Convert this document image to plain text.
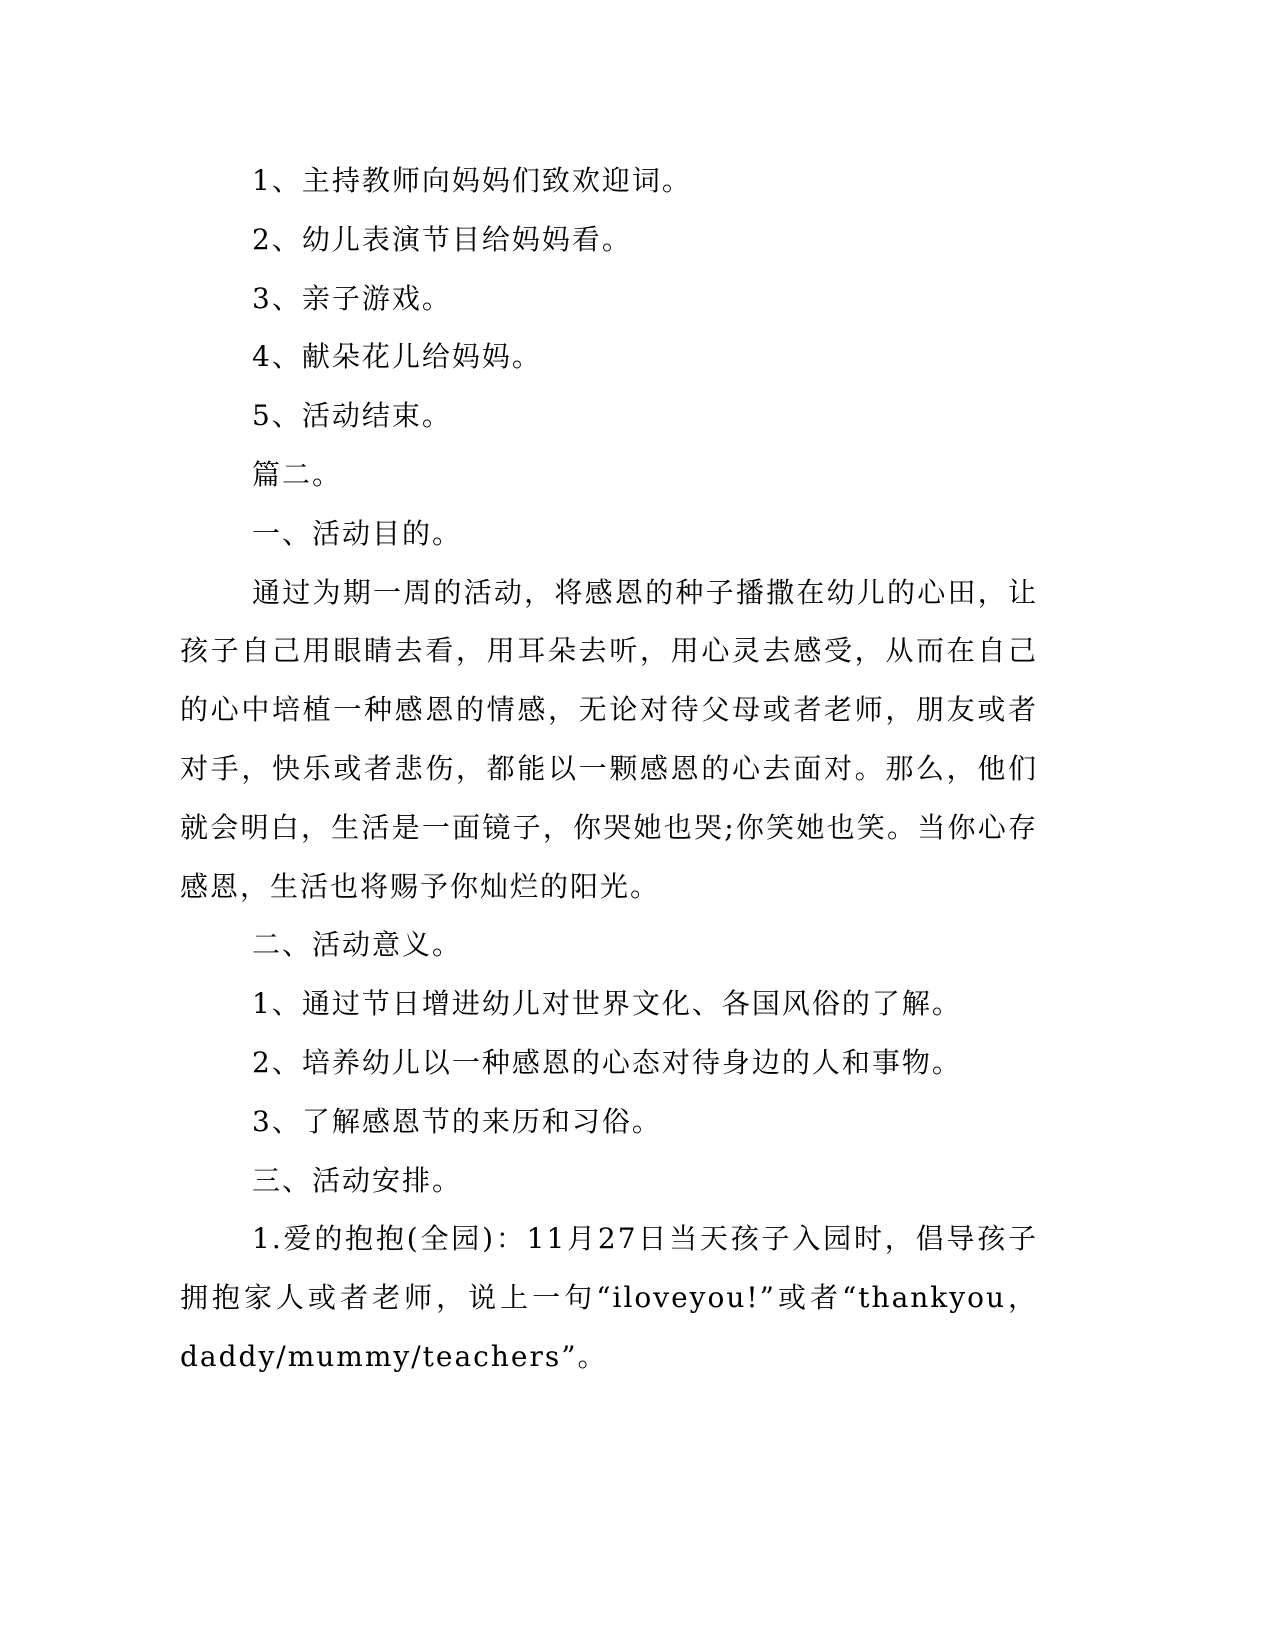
1、主持教师向妈妈们致欢迎词。

2、幼儿表演节目给妈妈看。

3、亲子游戏。

4、献朵花儿给妈妈。

5、活动结束。

篇二。

一、活动目的。

通过为期一周的活动，将感恩的种子播撒在幼儿的心田，让孩子自己用眼睛去看，用耳朵去听，用心灵去感受，从而在自己的心中培植一种感恩的情感，无论对待父母或者老师，朋友或者对手，快乐或者悲伤，都能以一颗感恩的心去面对。那么，他们就会明白，生活是一面镜子，你哭她也哭;你笑她也笑。当你心存感恩，生活也将赐予你灿烂的阳光。

二、活动意义。

1、通过节日增进幼儿对世界文化、各国风俗的了解。

2、培养幼儿以一种感恩的心态对待身边的人和事物。

3、了解感恩节的来历和习俗。

三、活动安排。

1.爱的抱抱(全园)：11月27日当天孩子入园时，倡导孩子拥抱家人或者老师，说上一句“iloveyou!”或者“thankyou，daddy/mummy/teachers”。
